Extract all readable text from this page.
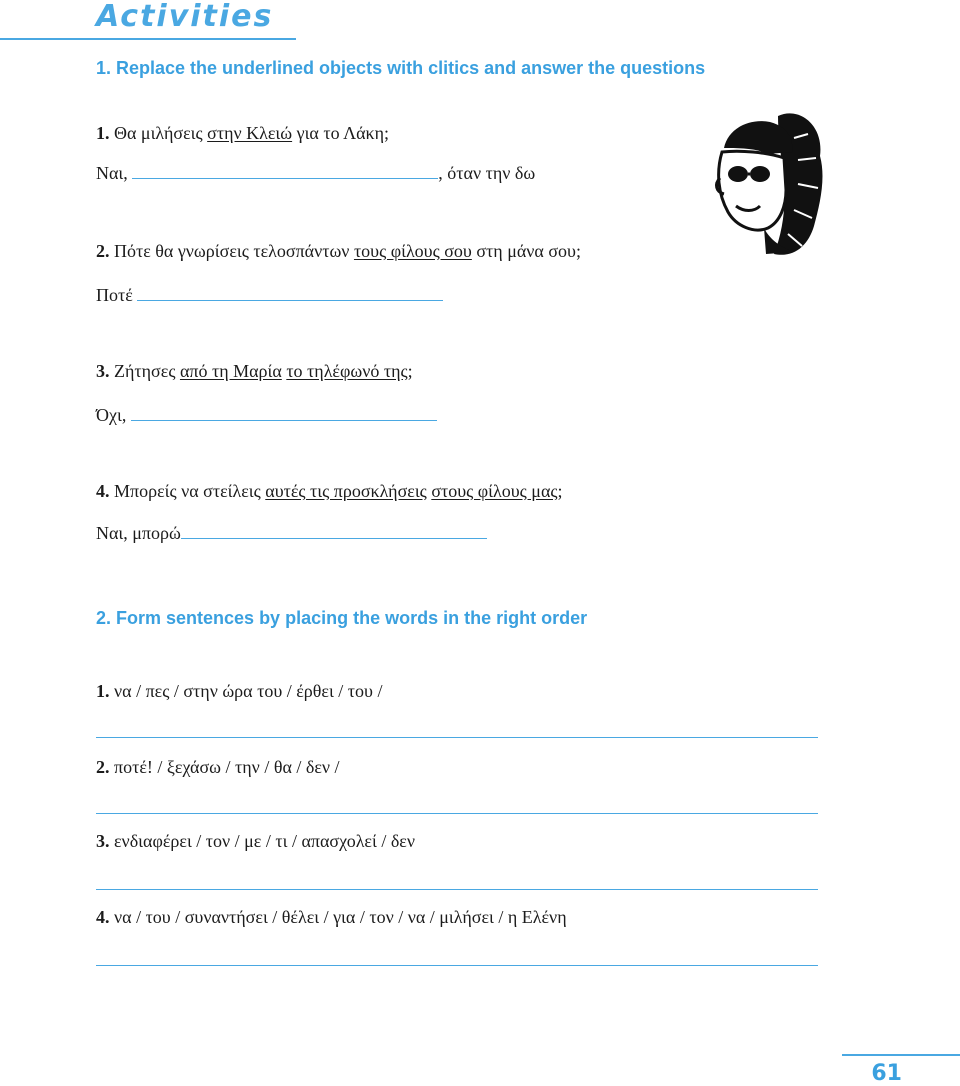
Activities
1. Replace the underlined objects with clitics and answer the questions
1. Θα μιλήσεις στην Κλειώ για το Λάκη;
Ναι,	, όταν την δω
2. Πότε θα γνωρίσεις τελοσπάντων τους φίλους σου στη μάνα σου;
Ποτέ
3. Ζήτησες από τη Μαρία το τηλέφωνό της;
Όχι,
4. Μπορείς να στείλεις αυτές τις προσκλήσεις στους φίλους μας;
Ναι, μπορώ
2. Form sentences by placing the words in the right order
1. να / πες / στην ώρα του / έρθει / του /
2. ποτέ! / ξεχάσω / την / θα / δεν /
3. ενδιαφέρει / τον / με / τι / απασχολεί / δεν
4. να / του / συναντήσει / θέλει / για / τον / να / μιλήσει / η Ελένη
61
